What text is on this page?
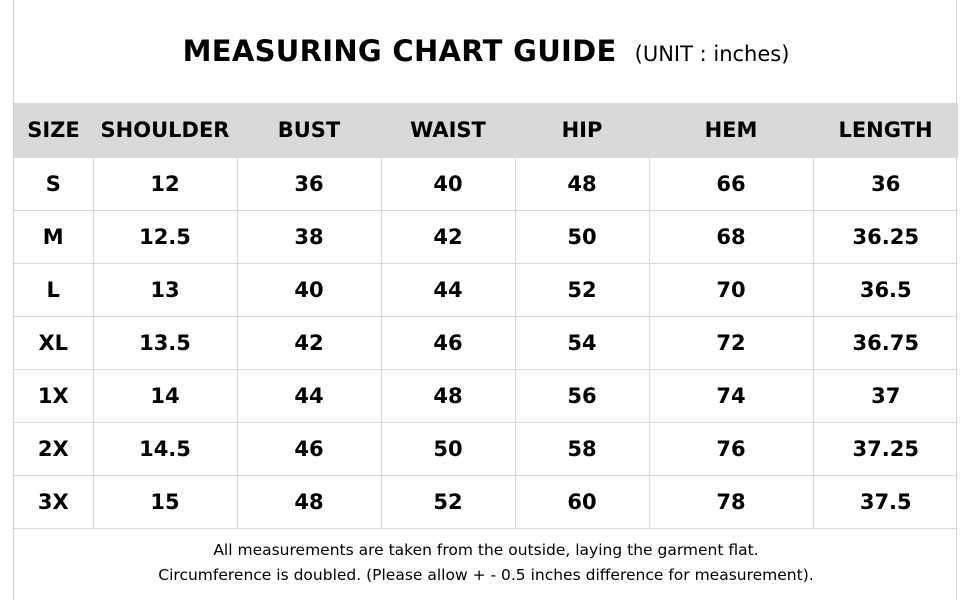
MEASURING CHART GUIDE (UNIT : inches)
SIZE	SHOULDER	BUST	WAIST	HIP	HEM	LENGTH
S	12	36	40	48	66	36
M	12.5	38	42	50	68	36.25
L	13	40	44	52	70	36.5
XL	13.5	42	46	54	72	36.75
1X	14	44	48	56	74	37
2X	14.5	46	50	58	76	37.25
3X	15	48	52	60	78	37.5
All measurements are taken from the outside, laying the garment flat.
Circumference is doubled. (Please allow + - 0.5 inches difference for measurement).
